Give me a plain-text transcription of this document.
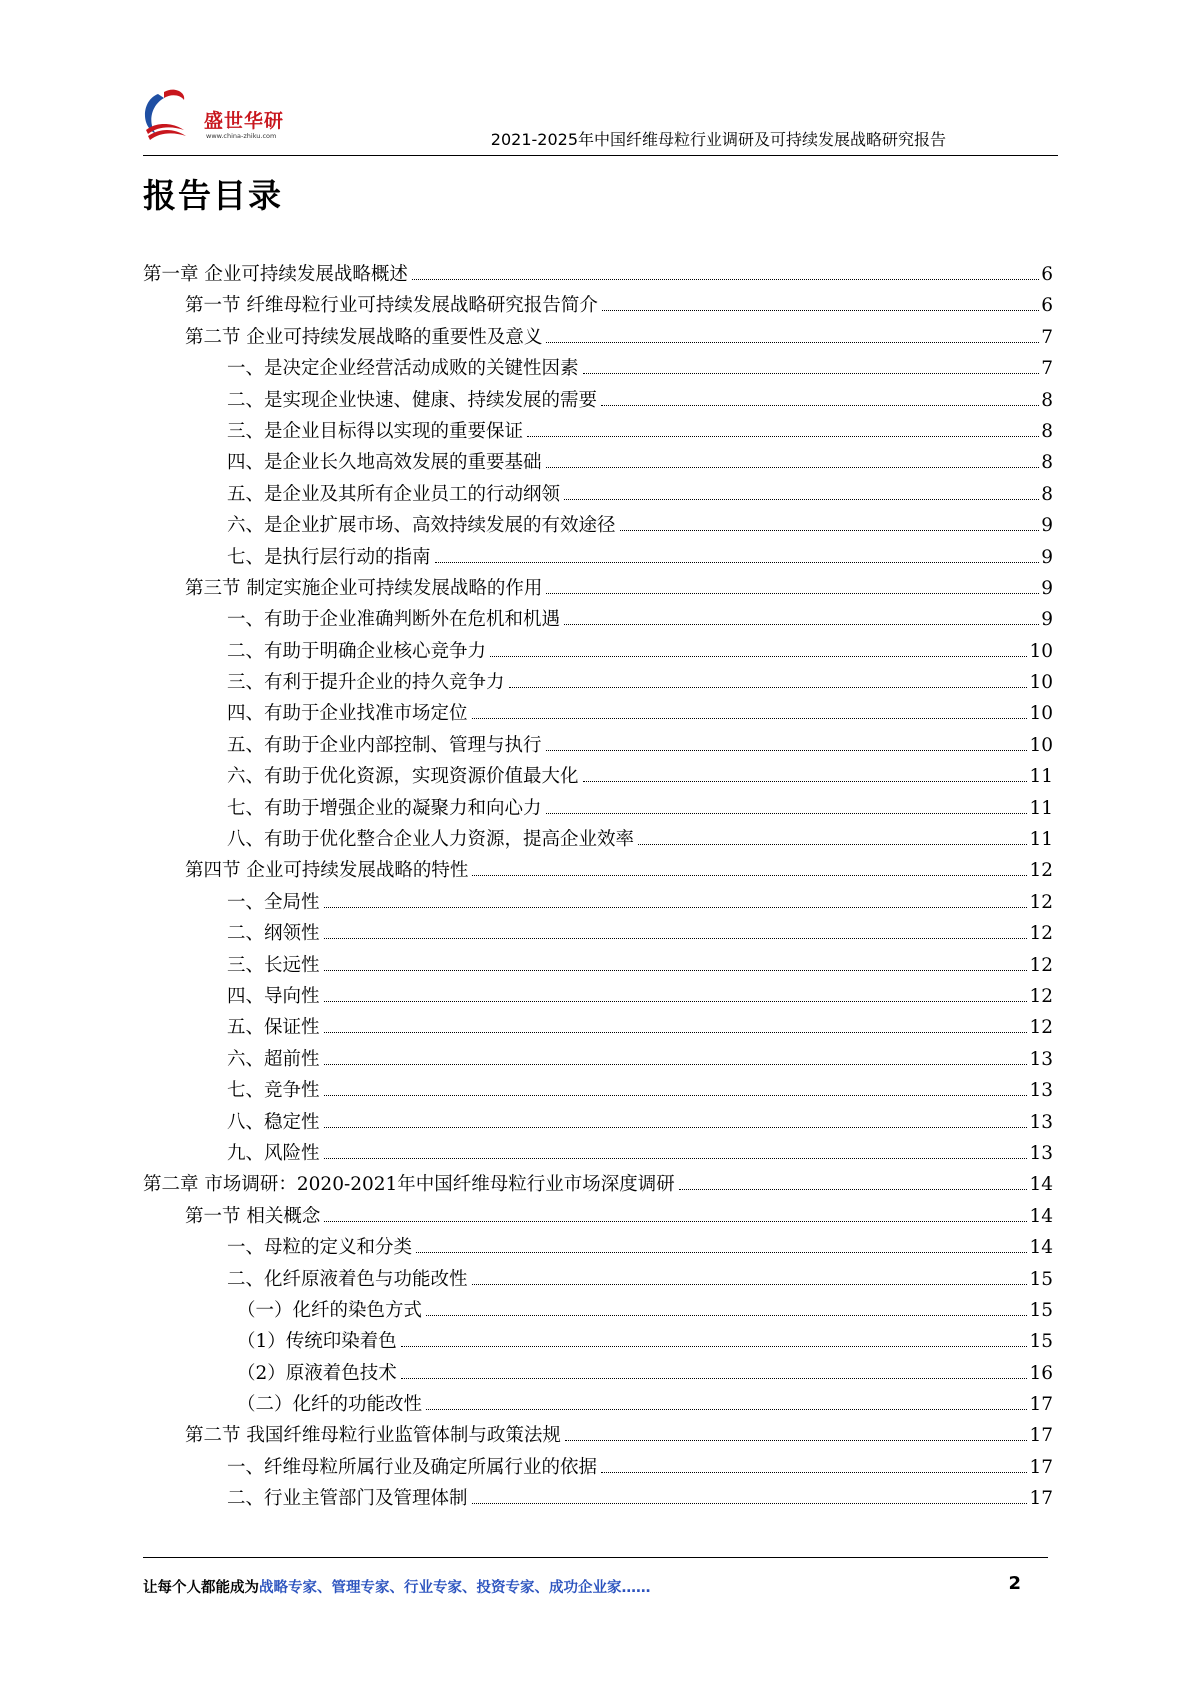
盛世华研
www.china-zhiku.com	2021-2025年中国纤维母粒行业调研及可持续发展战略研究报告
报告目录
第一章 企业可持续发展战略概述	6
第一节 纤维母粒行业可持续发展战略研究报告简介	6
第二节 企业可持续发展战略的重要性及意义	7
一、是决定企业经营活动成败的关键性因素	7
二、是实现企业快速、健康、持续发展的需要	8
三、是企业目标得以实现的重要保证	8
四、是企业长久地高效发展的重要基础	8
五、是企业及其所有企业员工的行动纲领	8
六、是企业扩展市场、高效持续发展的有效途径	9
七、是执行层行动的指南	9
第三节 制定实施企业可持续发展战略的作用	9
一、有助于企业准确判断外在危机和机遇	9
二、有助于明确企业核心竞争力	10
三、有利于提升企业的持久竞争力	10
四、有助于企业找准市场定位	10
五、有助于企业内部控制、管理与执行	10
六、有助于优化资源，实现资源价值最大化	11
七、有助于增强企业的凝聚力和向心力	11
八、有助于优化整合企业人力资源，提高企业效率	11
第四节 企业可持续发展战略的特性	12
一、全局性	12
二、纲领性	12
三、长远性	12
四、导向性	12
五、保证性	12
六、超前性	13
七、竞争性	13
八、稳定性	13
九、风险性	13
第二章 市场调研：2020-2021年中国纤维母粒行业市场深度调研	14
第一节 相关概念	14
一、母粒的定义和分类	14
二、化纤原液着色与功能改性	15
（一）化纤的染色方式	15
（1）传统印染着色	15
（2）原液着色技术	16
（二）化纤的功能改性	17
第二节 我国纤维母粒行业监管体制与政策法规	17
一、纤维母粒所属行业及确定所属行业的依据	17
二、行业主管部门及管理体制	17
让每个人都能成为战略专家、管理专家、行业专家、投资专家、成功企业家……	2
